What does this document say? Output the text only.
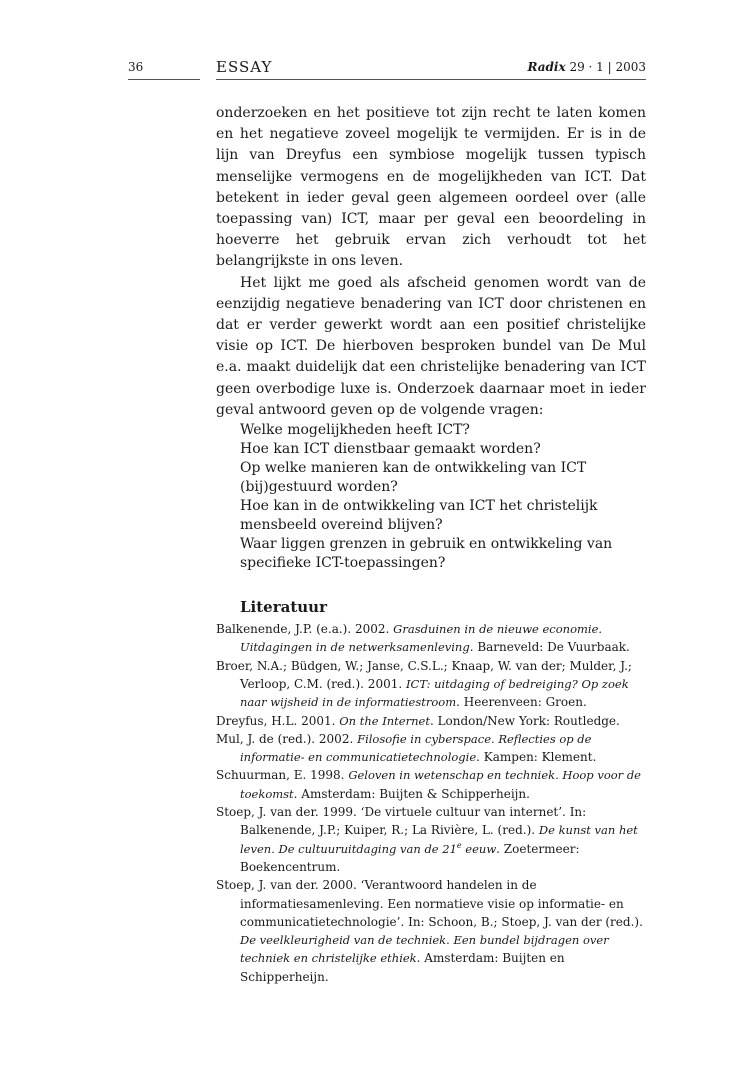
36	ESSAY	Radix 29 · 1 | 2003

onderzoeken en het positieve tot zijn recht te laten komen en het negatieve zoveel mogelijk te vermijden. Er is in de lijn van Dreyfus een symbiose mogelijk tussen typisch menselijke vermogens en de mogelijkheden van ICT. Dat betekent in ieder geval geen algemeen oordeel over (alle toepassing van) ICT, maar per geval een beoordeling in hoeverre het gebruik ervan zich verhoudt tot het belangrijkste in ons leven.

Het lijkt me goed als afscheid genomen wordt van de eenzijdig negatieve benadering van ICT door christenen en dat er verder gewerkt wordt aan een positief christelijke visie op ICT. De hierboven besproken bundel van De Mul e.a. maakt duidelijk dat een christelijke benadering van ICT geen overbodige luxe is. Onderzoek daarnaar moet in ieder geval antwoord geven op de volgende vragen:

Welke mogelijkheden heeft ICT?
Hoe kan ICT dienstbaar gemaakt worden?
Op welke manieren kan de ontwikkeling van ICT (bij)gestuurd worden?
Hoe kan in de ontwikkeling van ICT het christelijk mensbeeld overeind blijven?
Waar liggen grenzen in gebruik en ontwikkeling van specifieke ICT-toepassingen?
Literatuur
Balkenende, J.P. (e.a.). 2002. Grasduinen in de nieuwe economie. Uitdagingen in de netwerksamenleving. Barneveld: De Vuurbaak.
Broer, N.A.; Büdgen, W.; Janse, C.S.L.; Knaap, W. van der; Mulder, J.; Verloop, C.M. (red.). 2001. ICT: uitdaging of bedreiging? Op zoek naar wijsheid in de informatiestroom. Heerenveen: Groen.
Dreyfus, H.L. 2001. On the Internet. London/New York: Routledge.
Mul, J. de (red.). 2002. Filosofie in cyberspace. Reflecties op de informatie- en communicatietechnologie. Kampen: Klement.
Schuurman, E. 1998. Geloven in wetenschap en techniek. Hoop voor de toekomst. Amsterdam: Buijten & Schipperheijn.
Stoep, J. van der. 1999. ‘De virtuele cultuur van internet’. In: Balkenende, J.P.; Kuiper, R.; La Rivière, L. (red.). De kunst van het leven. De cultuuruitdaging van de 21e eeuw. Zoetermeer: Boekencentrum.
Stoep, J. van der. 2000. ‘Verantwoord handelen in de informatiesamenleving. Een normatieve visie op informatie- en communicatietechnologie’. In: Schoon, B.; Stoep, J. van der (red.). De veelkleurigheid van de techniek. Een bundel bijdragen over techniek en christelijke ethiek. Amsterdam: Buijten en Schipperheijn.
